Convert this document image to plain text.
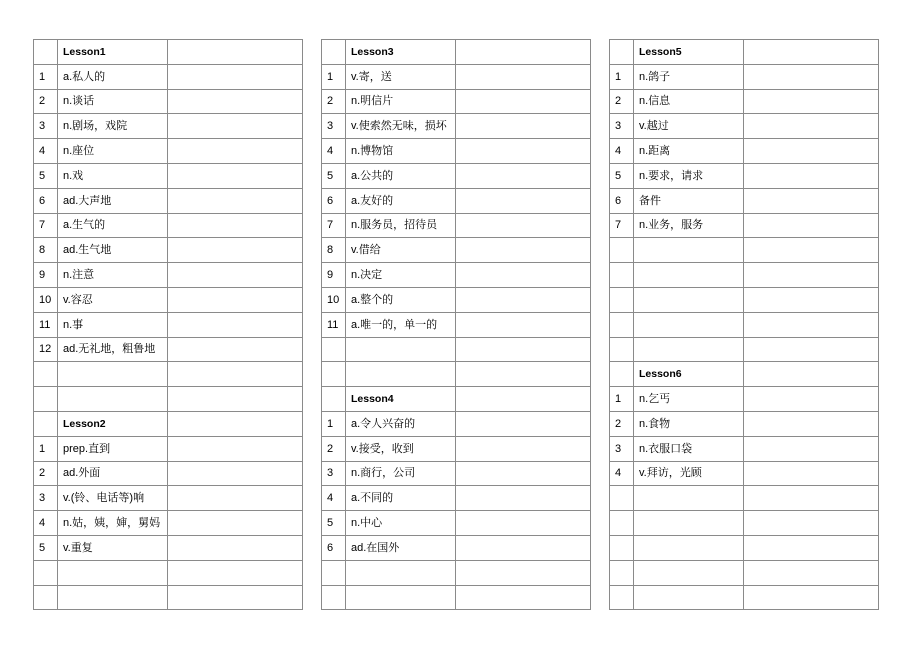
	Lesson1	
1	a.私人的	
2	n.谈话	
3	n.剧场，戏院	
4	n.座位	
5	n.戏	
6	ad.大声地	
7	a.生气的	
8	ad.生气地	
9	n.注意	
10	v.容忍	
11	n.事	
12	ad.无礼地，粗鲁地	

	Lesson2	
1	prep.直到	
2	ad.外面	
3	v.(铃、电话等)响	
4	n.姑，姨，婶，舅妈	
5	v.重复	

	Lesson3	
1	v.寄，送	
2	n.明信片	
3	v.使索然无味，损坏	
4	n.博物馆	
5	a.公共的	
6	a.友好的	
7	n.服务员，招待员	
8	v.借给	
9	n.决定	
10	a.整个的	
11	a.唯一的，单一的	

	Lesson4	
1	a.令人兴奋的	
2	v.接受，收到	
3	n.商行，公司	
4	a.不同的	
5	n.中心	
6	ad.在国外	

	Lesson5	
1	n.鸽子	
2	n.信息	
3	v.越过	
4	n.距离	
5	n.要求，请求	
6	备件	
7	n.业务，服务	

	Lesson6	
1	n.乞丐	
2	n.食物	
3	n.衣服口袋	
4	v.拜访，光顾	
